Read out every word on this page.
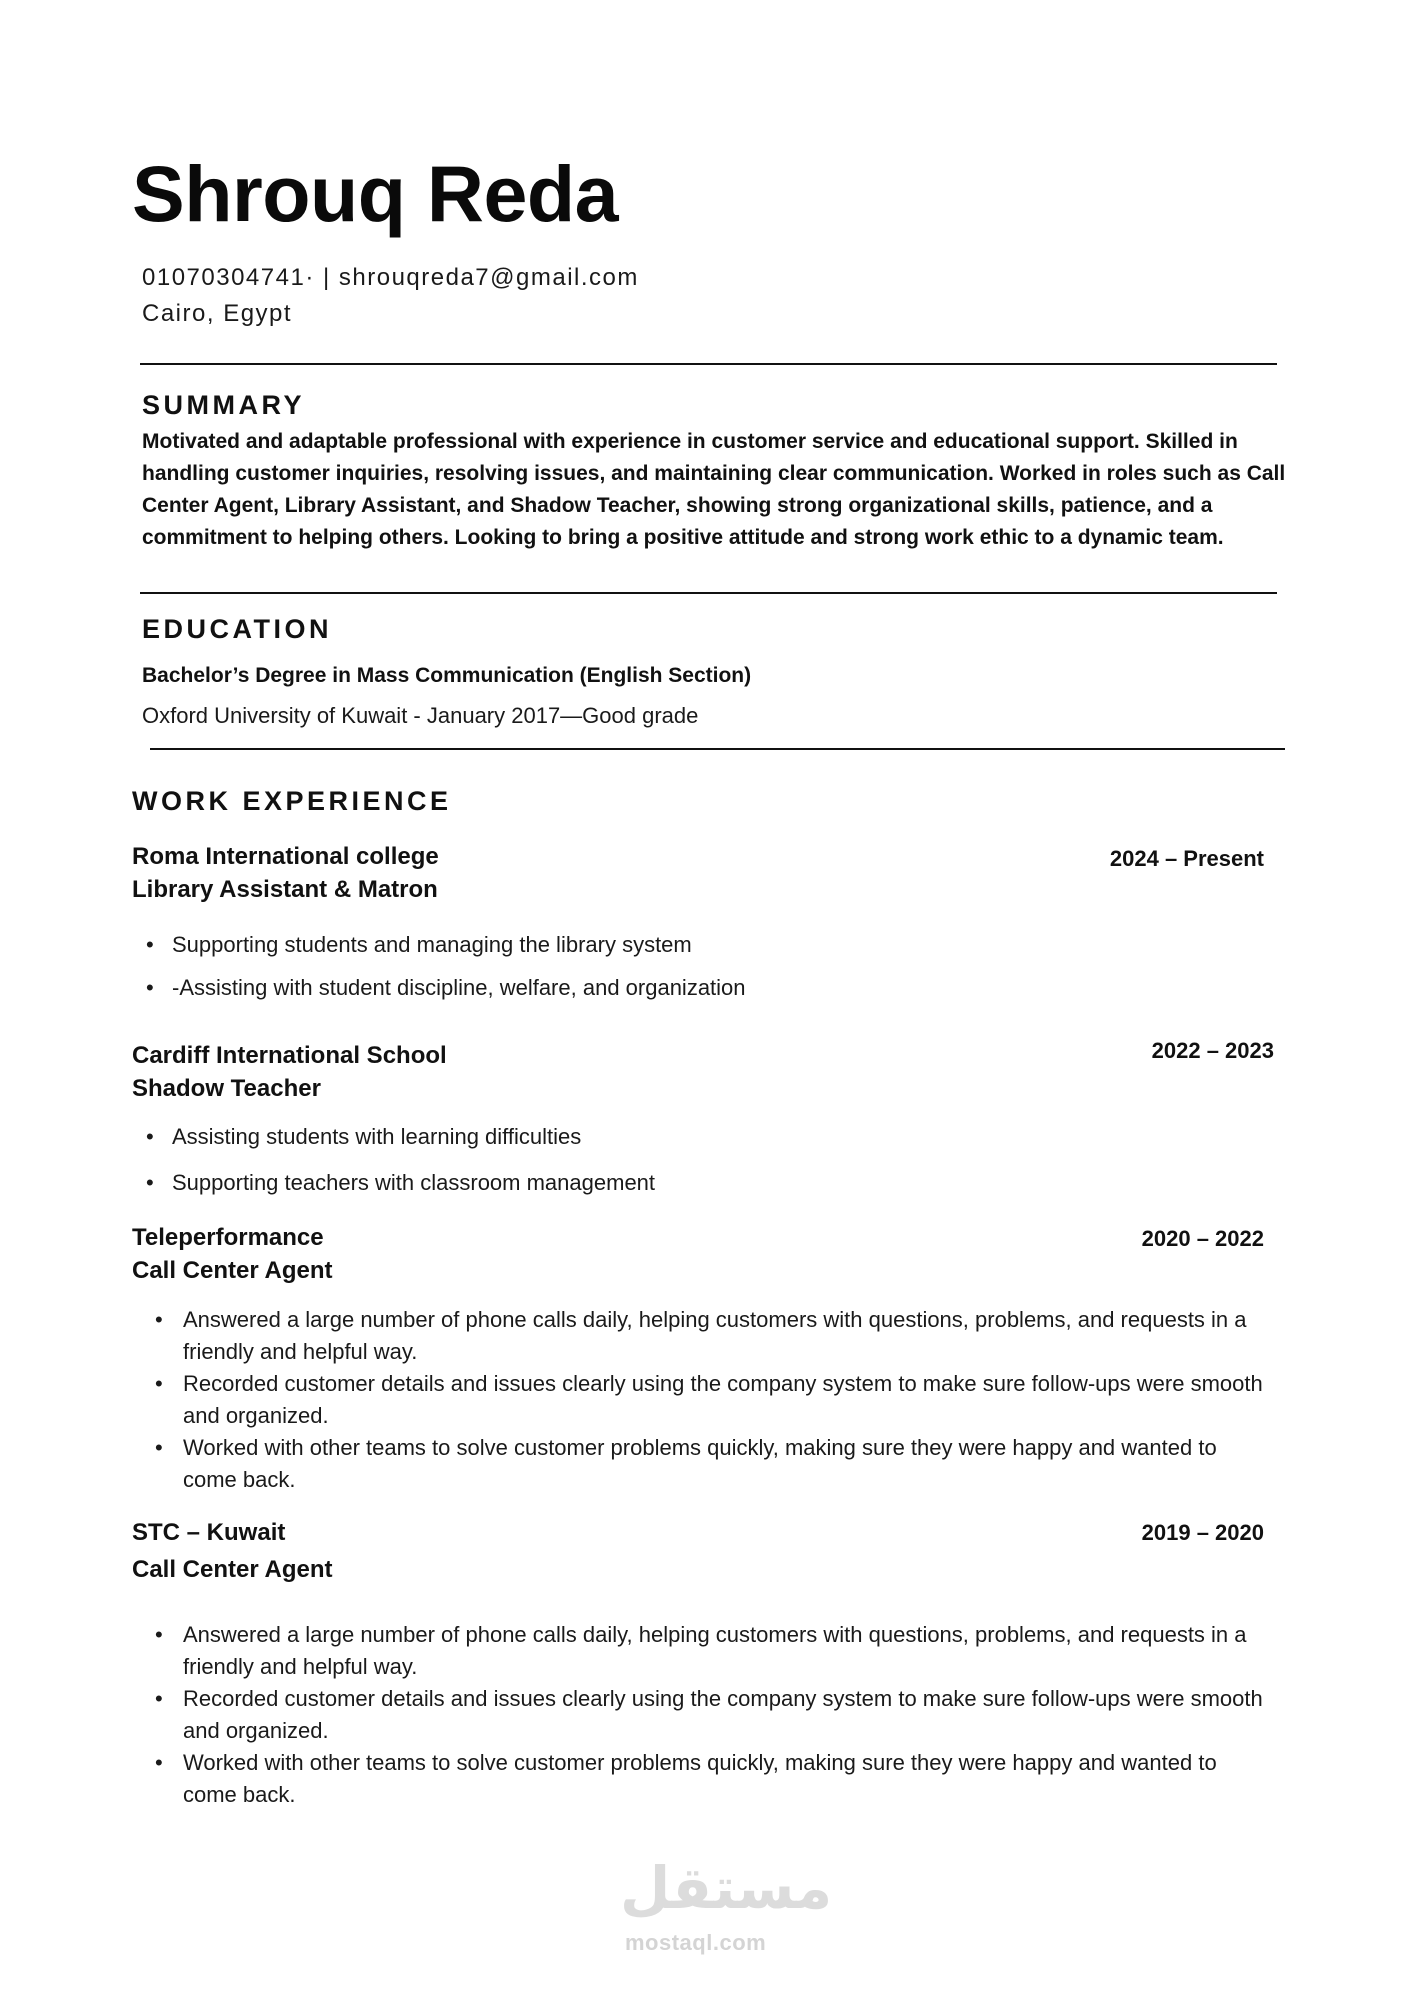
Shrouq Reda
01070304741· | shrouqreda7@gmail.com
Cairo, Egypt
SUMMARY
Motivated and adaptable professional with experience in customer service and educational support. Skilled in handling customer inquiries, resolving issues, and maintaining clear communication. Worked in roles such as Call Center Agent, Library Assistant, and Shadow Teacher, showing strong organizational skills, patience, and a commitment to helping others. Looking to bring a positive attitude and strong work ethic to a dynamic team.
EDUCATION
Bachelor’s Degree in Mass Communication (English Section)
Oxford University of Kuwait - January 2017—Good grade
WORK EXPERIENCE
Roma International college
Library Assistant & Matron
2024 – Present
• Supporting students and managing the library system
• -Assisting with student discipline, welfare, and organization
Cardiff International School
Shadow Teacher
2022 – 2023
• Assisting students with learning difficulties
• Supporting teachers with classroom management
Teleperformance
Call Center Agent
2020 – 2022
• Answered a large number of phone calls daily, helping customers with questions, problems, and requests in a friendly and helpful way.
• Recorded customer details and issues clearly using the company system to make sure follow-ups were smooth and organized.
• Worked with other teams to solve customer problems quickly, making sure they were happy and wanted to come back.
STC – Kuwait
Call Center Agent
2019 – 2020
• Answered a large number of phone calls daily, helping customers with questions, problems, and requests in a friendly and helpful way.
• Recorded customer details and issues clearly using the company system to make sure follow-ups were smooth and organized.
• Worked with other teams to solve customer problems quickly, making sure they were happy and wanted to come back.
مستقل
mostaql.com
